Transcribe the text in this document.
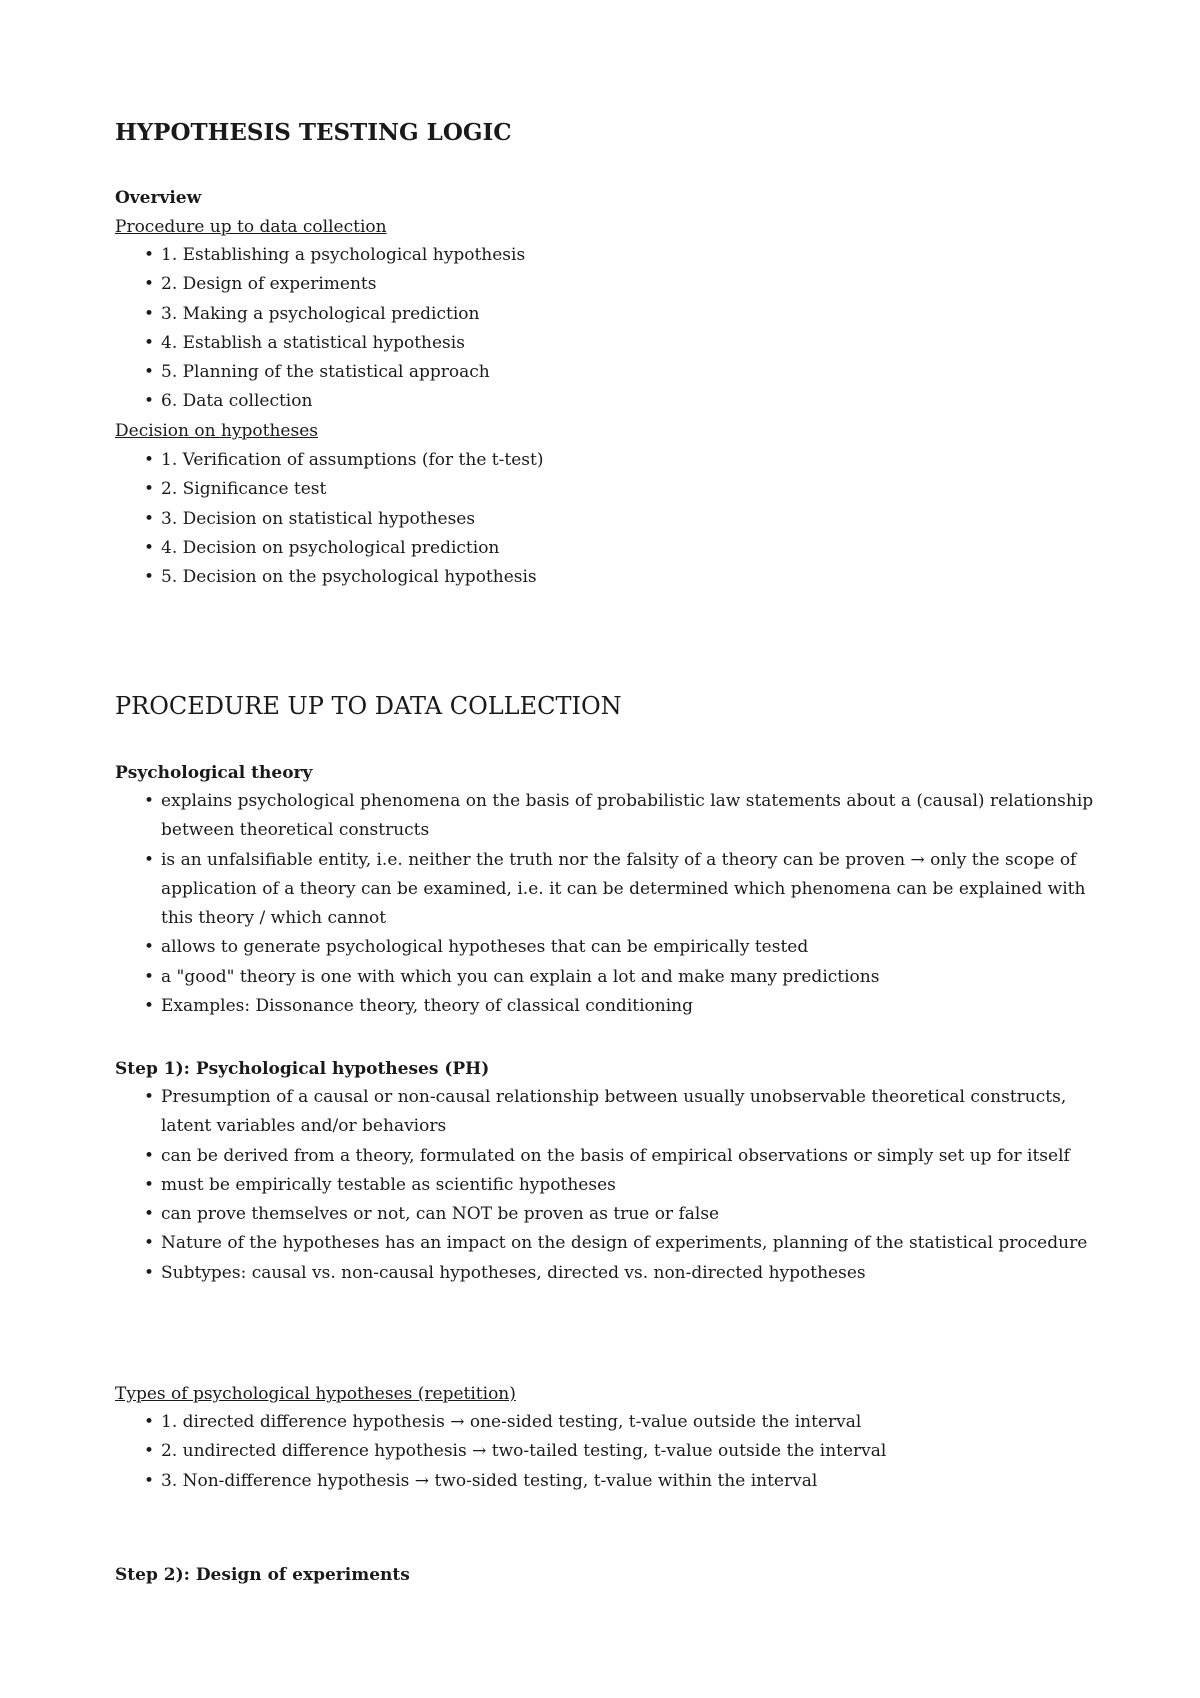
HYPOTHESIS TESTING LOGIC
Overview
Procedure up to data collection
• 1. Establishing a psychological hypothesis
• 2. Design of experiments
• 3. Making a psychological prediction
• 4. Establish a statistical hypothesis
• 5. Planning of the statistical approach
• 6. Data collection
Decision on hypotheses
• 1. Verification of assumptions (for the t-test)
• 2. Significance test
• 3. Decision on statistical hypotheses
• 4. Decision on psychological prediction
• 5. Decision on the psychological hypothesis
PROCEDURE UP TO DATA COLLECTION
Psychological theory
• explains psychological phenomena on the basis of probabilistic law statements about a (causal) relationship between theoretical constructs
• is an unfalsifiable entity, i.e. neither the truth nor the falsity of a theory can be proven → only the scope of application of a theory can be examined, i.e. it can be determined which phenomena can be explained with this theory / which cannot
• allows to generate psychological hypotheses that can be empirically tested
• a "good" theory is one with which you can explain a lot and make many predictions
• Examples: Dissonance theory, theory of classical conditioning
Step 1): Psychological hypotheses (PH)
• Presumption of a causal or non-causal relationship between usually unobservable theoretical constructs, latent variables and/or behaviors
• can be derived from a theory, formulated on the basis of empirical observations or simply set up for itself
• must be empirically testable as scientific hypotheses
• can prove themselves or not, can NOT be proven as true or false
• Nature of the hypotheses has an impact on the design of experiments, planning of the statistical procedure
• Subtypes: causal vs. non-causal hypotheses, directed vs. non-directed hypotheses
Types of psychological hypotheses (repetition)
• 1. directed difference hypothesis → one-sided testing, t-value outside the interval
• 2. undirected difference hypothesis → two-tailed testing, t-value outside the interval
• 3. Non-difference hypothesis → two-sided testing, t-value within the interval
Step 2): Design of experiments
